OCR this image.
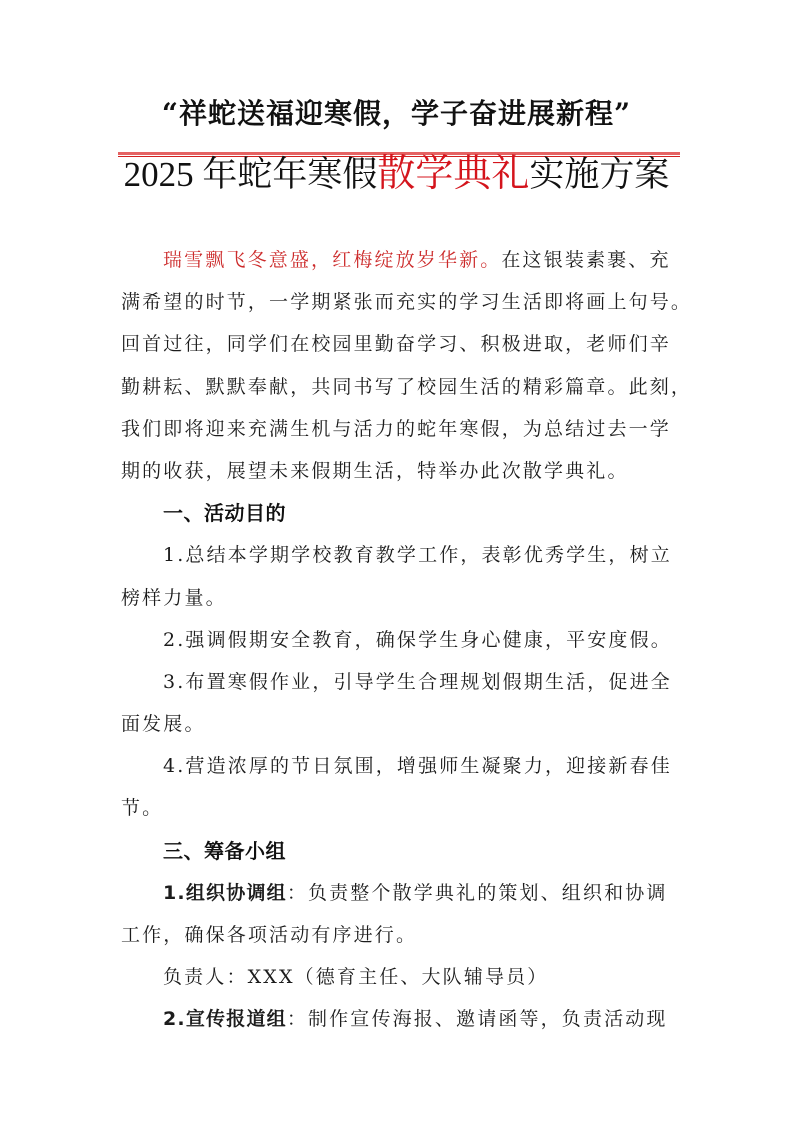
“祥蛇送福迎寒假，学子奋进展新程”
2025 年蛇年寒假散学典礼实施方案
瑞雪飘飞冬意盛，红梅绽放岁华新。在这银装素裹、充
满希望的时节，一学期紧张而充实的学习生活即将画上句号。
回首过往，同学们在校园里勤奋学习、积极进取，老师们辛
勤耕耘、默默奉献，共同书写了校园生活的精彩篇章。此刻，
我们即将迎来充满生机与活力的蛇年寒假，为总结过去一学
期的收获，展望未来假期生活，特举办此次散学典礼。
一、活动目的
1.总结本学期学校教育教学工作，表彰优秀学生，树立
榜样力量。
2.强调假期安全教育，确保学生身心健康，平安度假。
3.布置寒假作业，引导学生合理规划假期生活，促进全
面发展。
4.营造浓厚的节日氛围，增强师生凝聚力，迎接新春佳
节。
三、筹备小组
1.组织协调组：负责整个散学典礼的策划、组织和协调
工作，确保各项活动有序进行。
负责人：XXX（德育主任、大队辅导员）
2.宣传报道组：制作宣传海报、邀请函等，负责活动现
